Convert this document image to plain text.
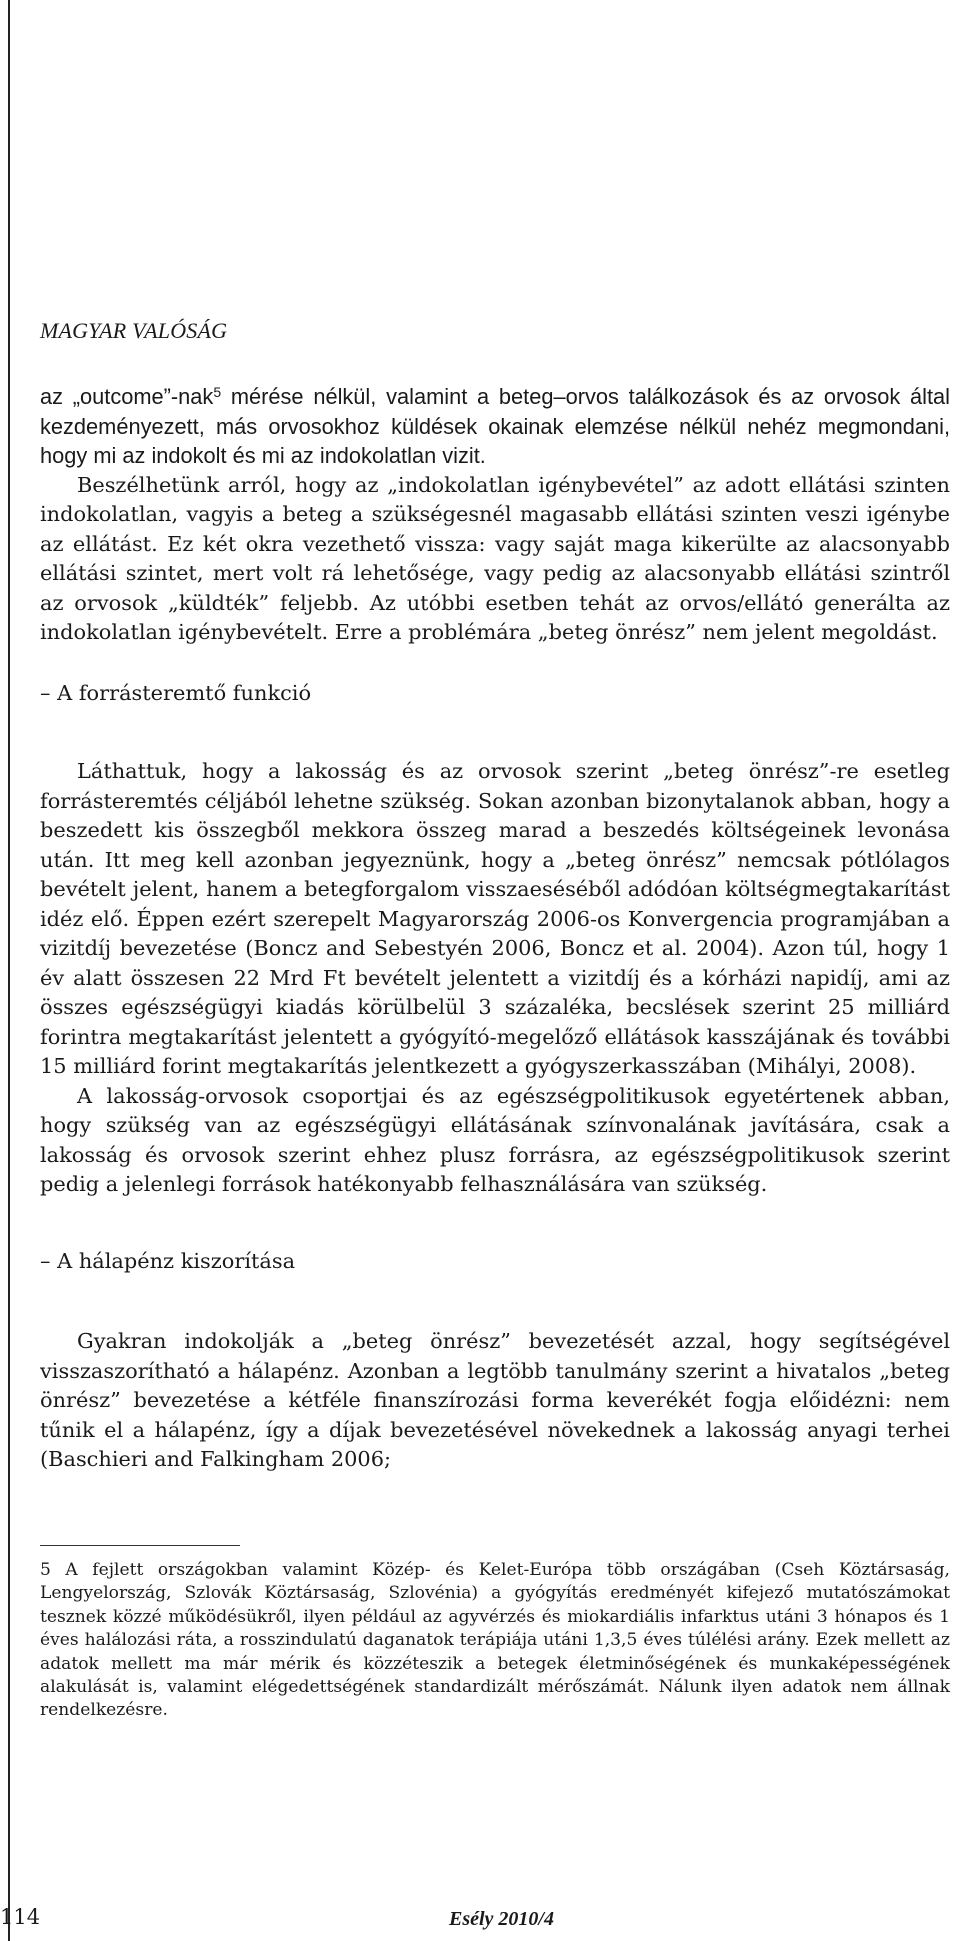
MAGYAR VALÓSÁG

az „outcome”-nak$^5$ mérése nélkül, valamint a beteg–orvos találkozások és az orvosok által kezdeményezett, más orvosokhoz küldések okainak elemzése nélkül nehéz megmondani, hogy mi az indokolt és mi az indokolatlan vizit.

Beszélhetünk arról, hogy az „indokolatlan igénybevétel” az adott ellátási szinten indokolatlan, vagyis a beteg a szükségesnél magasabb ellátási szinten veszi igénybe az ellátást. Ez két okra vezethető vissza: vagy saját maga kikerülte az alacsonyabb ellátási szintet, mert volt rá lehetősége, vagy pedig az alacsonyabb ellátási szintről az orvosok „küldték” feljebb. Az utóbbi esetben tehát az orvos/ellátó generálta az indokolatlan igénybevételt. Erre a problémára „beteg önrész” nem jelent megoldást.

– A forrásteremtő funkció

Láthattuk, hogy a lakosság és az orvosok szerint „beteg önrész”-re esetleg forrásteremtés céljából lehetne szükség. Sokan azonban bizonytalanok abban, hogy a beszedett kis összegből mekkora összeg marad a beszedés költségeinek levonása után. Itt meg kell azonban jegyeznünk, hogy a „beteg önrész” nemcsak pótlólagos bevételt jelent, hanem a betegforgalom visszaeséséből adódóan költségmegtakarítást idéz elő. Éppen ezért szerepelt Magyarország 2006-os Konvergencia programjában a vizitdíj bevezetése (Boncz and Sebestyén 2006, Boncz et al. 2004). Azon túl, hogy 1 év alatt összesen 22 Mrd Ft bevételt jelentett a vizitdíj és a kórházi napidíj, ami az összes egészségügyi kiadás körülbelül 3 százaléka, becslések szerint 25 milliárd forintra megtakarítást jelentett a gyógyító-megelőző ellátások kasszájának és további 15 milliárd forint megtakarítás jelentkezett a gyógyszerkasszában (Mihályi, 2008).

A lakosság-orvosok csoportjai és az egészségpolitikusok egyetértenek abban, hogy szükség van az egészségügyi ellátásának színvonalának javítására, csak a lakosság és orvosok szerint ehhez plusz forrásra, az egészségpolitikusok szerint pedig a jelenlegi források hatékonyabb felhasználására van szükség.

– A hálapénz kiszorítása

Gyakran indokolják a „beteg önrész” bevezetését azzal, hogy segítségével visszaszorítható a hálapénz. Azonban a legtöbb tanulmány szerint a hivatalos „beteg önrész” bevezetése a kétféle finanszírozási forma keverékét fogja előidézni: nem tűnik el a hálapénz, így a díjak bevezetésével növekednek a lakosság anyagi terhei (Baschieri and Falkingham 2006;

5 A fejlett országokban valamint Közép- és Kelet-Európa több országában (Cseh Köztársaság, Lengyelország, Szlovák Köztársaság, Szlovénia) a gyógyítás eredményét kifejező mutatószámokat tesznek közzé működésükről, ilyen például az agyvérzés és miokardiális infarktus utáni 3 hónapos és 1 éves halálozási ráta, a rosszindulatú daganatok terápiája utáni 1,3,5 éves túlélési arány. Ezek mellett az adatok mellett ma már mérik és közzéteszik a betegek életminőségének és munkaképességének alakulását is, valamint elégedettségének standardizált mérőszámát. Nálunk ilyen adatok nem állnak rendelkezésre.

114	Esély 2010/4
